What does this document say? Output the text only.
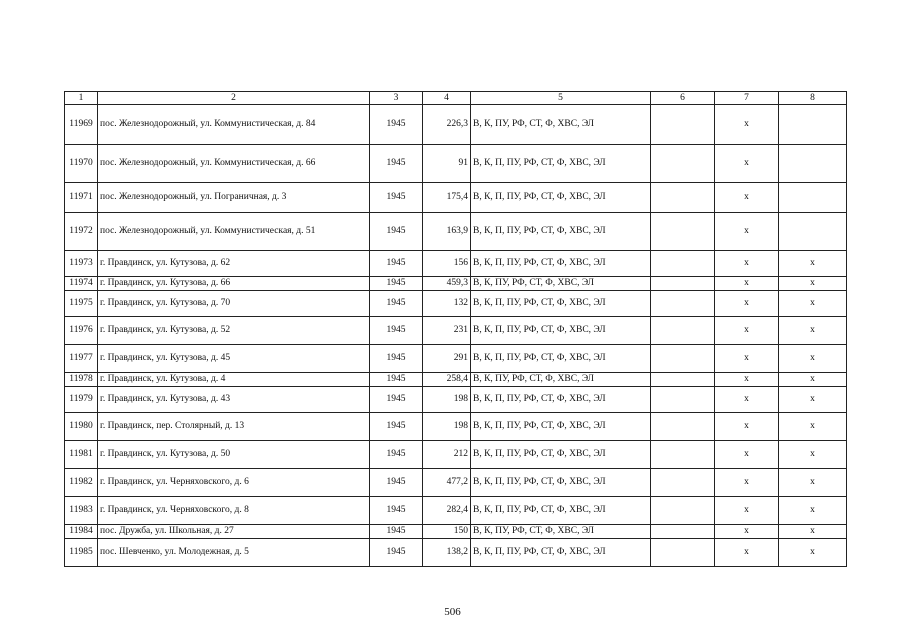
1	2	3	4	5	6	7	8
11969	пос. Железнодорожный, ул. Коммунистическая, д. 84	1945	226,3	В, К, ПУ, РФ, СТ, Ф, ХВС, ЭЛ		х	
11970	пос. Железнодорожный, ул. Коммунистическая, д. 66	1945	91	В, К, П, ПУ, РФ, СТ, Ф, ХВС, ЭЛ		х	
11971	пос. Железнодорожный, ул. Пограничная, д. 3	1945	175,4	В, К, П, ПУ, РФ, СТ, Ф, ХВС, ЭЛ		х	
11972	пос. Железнодорожный, ул. Коммунистическая, д. 51	1945	163,9	В, К, П, ПУ, РФ, СТ, Ф, ХВС, ЭЛ		х	
11973	г. Правдинск, ул. Кутузова, д. 62	1945	156	В, К, П, ПУ, РФ, СТ, Ф, ХВС, ЭЛ		х	х
11974	г. Правдинск, ул. Кутузова, д. 66	1945	459,3	В, К, ПУ, РФ, СТ, Ф, ХВС, ЭЛ		х	х
11975	г. Правдинск, ул. Кутузова, д. 70	1945	132	В, К, П, ПУ, РФ, СТ, Ф, ХВС, ЭЛ		х	х
11976	г. Правдинск, ул. Кутузова, д. 52	1945	231	В, К, П, ПУ, РФ, СТ, Ф, ХВС, ЭЛ		х	х
11977	г. Правдинск, ул. Кутузова, д. 45	1945	291	В, К, П, ПУ, РФ, СТ, Ф, ХВС, ЭЛ		х	х
11978	г. Правдинск, ул. Кутузова, д. 4	1945	258,4	В, К, ПУ, РФ, СТ, Ф, ХВС, ЭЛ		х	х
11979	г. Правдинск, ул. Кутузова, д. 43	1945	198	В, К, П, ПУ, РФ, СТ, Ф, ХВС, ЭЛ		х	х
11980	г. Правдинск, пер. Столярный, д. 13	1945	198	В, К, П, ПУ, РФ, СТ, Ф, ХВС, ЭЛ		х	х
11981	г. Правдинск, ул. Кутузова, д. 50	1945	212	В, К, П, ПУ, РФ, СТ, Ф, ХВС, ЭЛ		х	х
11982	г. Правдинск, ул. Черняховского, д. 6	1945	477,2	В, К, П, ПУ, РФ, СТ, Ф, ХВС, ЭЛ		х	х
11983	г. Правдинск, ул. Черняховского, д. 8	1945	282,4	В, К, П, ПУ, РФ, СТ, Ф, ХВС, ЭЛ		х	х
11984	пос. Дружба, ул. Школьная, д. 27	1945	150	В, К, ПУ, РФ, СТ, Ф, ХВС, ЭЛ		х	х
11985	пос. Шевченко, ул. Молодежная, д. 5	1945	138,2	В, К, П, ПУ, РФ, СТ, Ф, ХВС, ЭЛ		х	х
506
